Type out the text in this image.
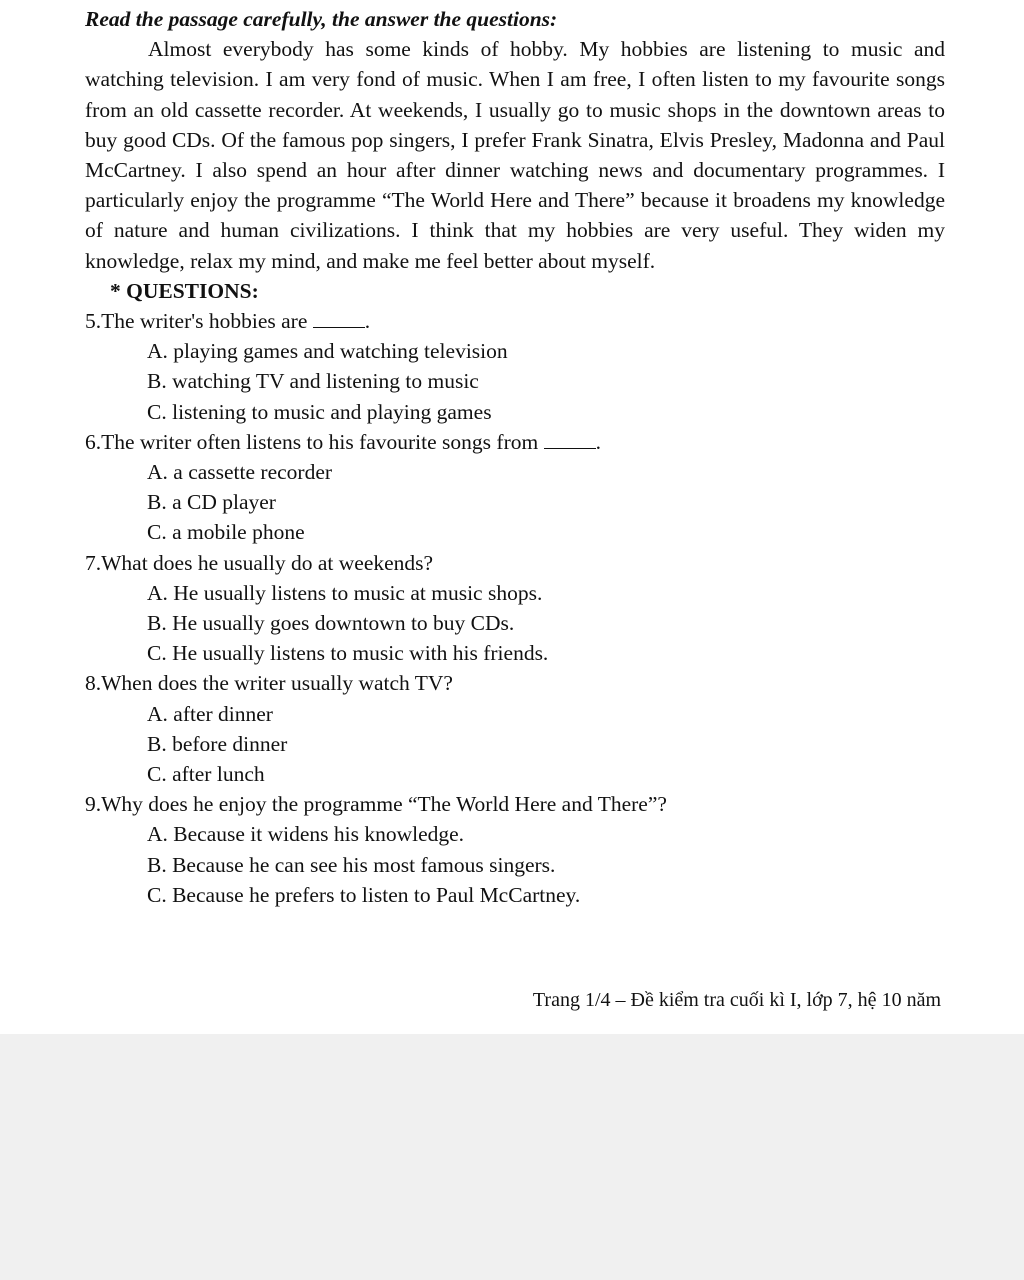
Read the passage carefully, the answer the questions:

Almost everybody has some kinds of hobby. My hobbies are listening to music and watching television. I am very fond of music. When I am free, I often listen to my favourite songs from an old cassette recorder. At weekends, I usually go to music shops in the downtown areas to buy good CDs. Of the famous pop singers, I prefer Frank Sinatra, Elvis Presley, Madonna and Paul McCartney. I also spend an hour after dinner watching news and documentary programmes. I particularly enjoy the programme “The World Here and There” because it broadens my knowledge of nature and human civilizations. I think that my hobbies are very useful. They widen my knowledge, relax my mind, and make me feel better about myself.

* QUESTIONS:

5.The writer's hobbies are	.

A. playing games and watching television

B. watching TV and listening to music

C. listening to music and playing games

6.The writer often listens to his favourite songs from	.

A. a cassette recorder

B. a CD player

C. a mobile phone

7.What does he usually do at weekends?

A. He usually listens to music at music shops.

B. He usually goes downtown to buy CDs.

C. He usually listens to music with his friends.

8.When does the writer usually watch TV?

A. after dinner

B. before dinner

C. after lunch

9.Why does he enjoy the programme “The World Here and There”?

A. Because it widens his knowledge.

B. Because he can see his most famous singers.

C. Because he prefers to listen to Paul McCartney.

Trang 1/4 – Đề kiểm tra cuối kì I, lớp 7, hệ 10 năm
